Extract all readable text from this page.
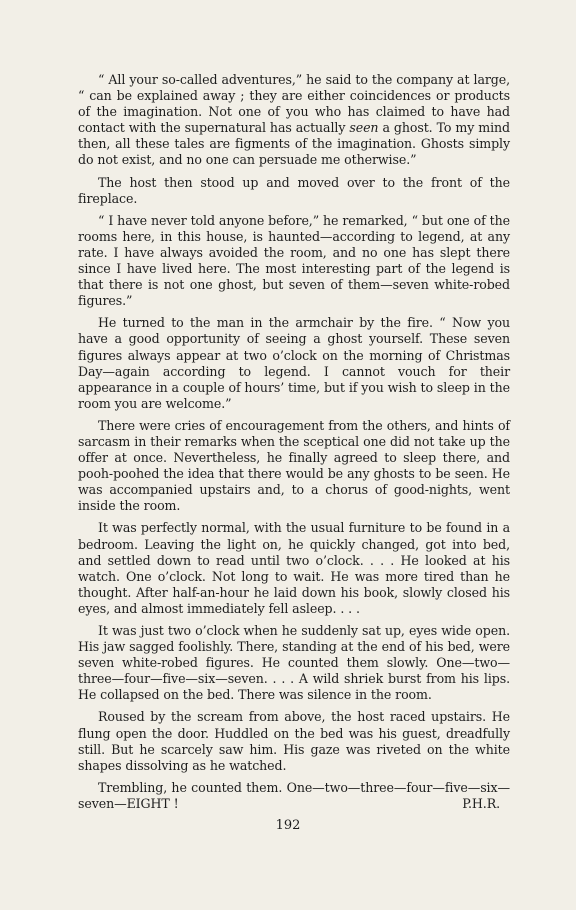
“ All your so-called adventures,” he said to the company at large, “ can be explained away ; they are either coincidences or products of the imagination. Not one of you who has claimed to have had contact with the supernatural has actually seen a ghost. To my mind then, all these tales are figments of the imagination. Ghosts simply do not exist, and no one can persuade me otherwise.”

The host then stood up and moved over to the front of the fireplace.

“ I have never told anyone before,” he remarked, “ but one of the rooms here, in this house, is haunted—according to legend, at any rate. I have always avoided the room, and no one has slept there since I have lived here. The most interesting part of the legend is that there is not one ghost, but seven of them—seven white-robed figures.”

He turned to the man in the armchair by the fire. “ Now you have a good opportunity of seeing a ghost yourself. These seven figures always appear at two o’clock on the morning of Christmas Day—again according to legend. I cannot vouch for their appearance in a couple of hours’ time, but if you wish to sleep in the room you are welcome.”

There were cries of encouragement from the others, and hints of sarcasm in their remarks when the sceptical one did not take up the offer at once. Nevertheless, he finally agreed to sleep there, and pooh-poohed the idea that there would be any ghosts to be seen. He was accompanied upstairs and, to a chorus of good-nights, went inside the room.

It was perfectly normal, with the usual furniture to be found in a bedroom. Leaving the light on, he quickly changed, got into bed, and settled down to read until two o’clock. . . . He looked at his watch. One o’clock. Not long to wait. He was more tired than he thought. After half-an-hour he laid down his book, slowly closed his eyes, and almost immediately fell asleep. . . .

It was just two o’clock when he suddenly sat up, eyes wide open. His jaw sagged foolishly. There, standing at the end of his bed, were seven white-robed figures. He counted them slowly. One—two—three—four—five—six—seven. . . . A wild shriek burst from his lips. He collapsed on the bed. There was silence in the room.

Roused by the scream from above, the host raced upstairs. He flung open the door. Huddled on the bed was his guest, dreadfully still. But he scarcely saw him. His gaze was riveted on the white shapes dissolving as he watched.

Trembling, he counted them. One—two—three—four—five—six—seven—EIGHT !	P.H.R.

192
